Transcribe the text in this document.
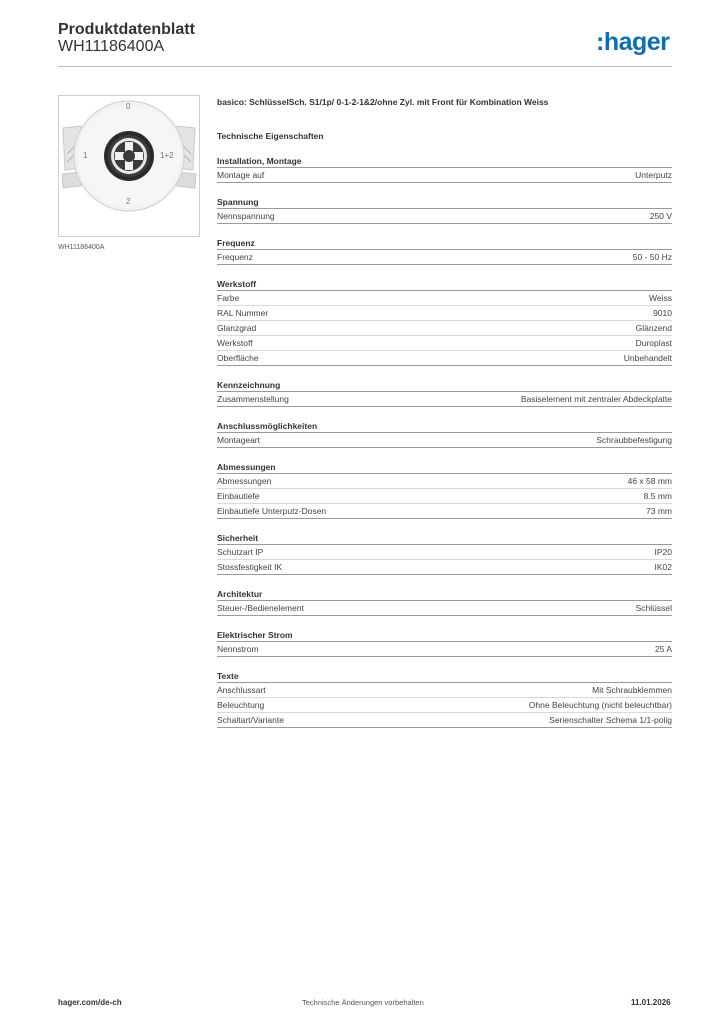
Produktdatenblatt
WH11186400A	:hager
0
1	1+2
2
WH11186400A
basico: SchlüsselSch. S1/1p/ 0-1-2-1&2/ohne Zyl. mit Front für Kombination Weiss
Technische Eigenschaften
Installation, Montage
Montage auf	Unterputz
Spannung
Nennspannung	250 V
Frequenz
Frequenz	50 - 50 Hz
Werkstoff
Farbe	Weiss
RAL Nummer	9010
Glanzgrad	Glänzend
Werkstoff	Duroplast
Oberfläche	Unbehandelt
Kennzeichnung
Zusammenstellung	Basiselement mit zentraler Abdeckplatte
Anschlussmöglichkeiten
Montageart	Schraubbefestigung
Abmessungen
Abmessungen	46 x 58 mm
Einbautiefe	8.5 mm
Einbautiefe Unterputz-Dosen	73 mm
Sicherheit
Schutzart IP	IP20
Stossfestigkeit IK	IK02
Architektur
Steuer-/Bedienelement	Schlüssel
Elektrischer Strom
Nennstrom	25 A
Texte
Anschlussart	Mit Schraubklemmen
Beleuchtung	Ohne Beleuchtung (nicht beleuchtbar)
Schaltart/Variante	Serienschalter Schema 1/1-polig
hager.com/de-ch	Technische Änderungen vorbehalten	11.01.2026
